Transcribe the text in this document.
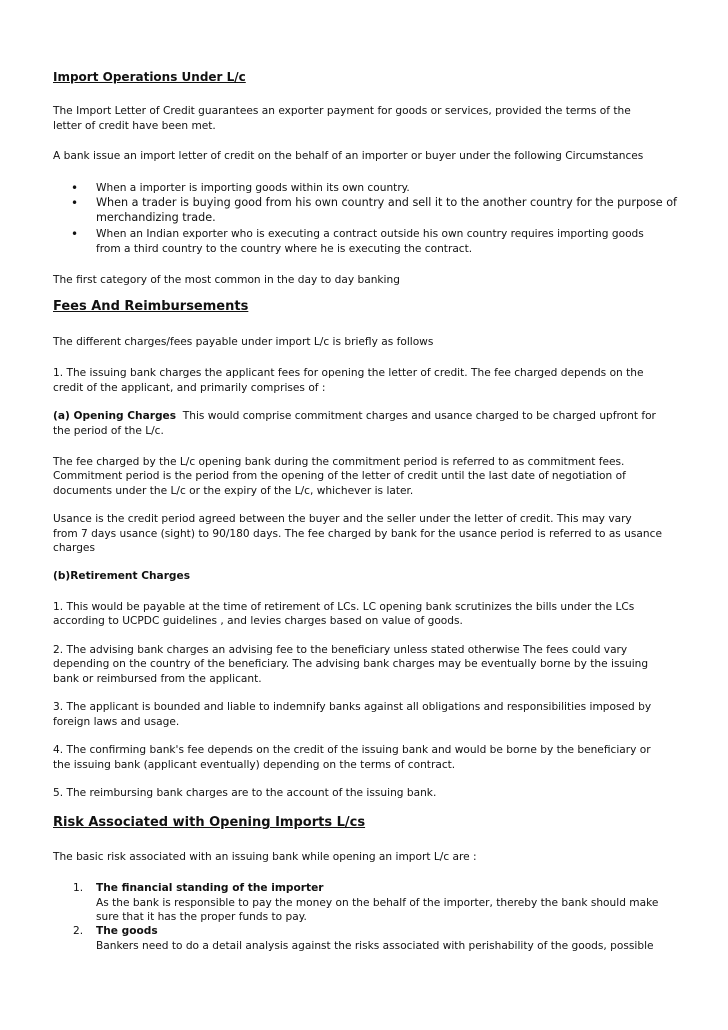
Import Operations Under L/c
The Import Letter of Credit guarantees an exporter payment for goods or services, provided the terms of the
letter of credit have been met.
A bank issue an import letter of credit on the behalf of an importer or buyer under the following Circumstances
• When a importer is importing goods within its own country.
• When a trader is buying good from his own country and sell it to the another country for the purpose of
merchandizing trade.
• When an Indian exporter who is executing a contract outside his own country requires importing goods
from a third country to the country where he is executing the contract.
The first category of the most common in the day to day banking
Fees And Reimbursements
The different charges/fees payable under import L/c is briefly as follows
1. The issuing bank charges the applicant fees for opening the letter of credit. The fee charged depends on the
credit of the applicant, and primarily comprises of :
(a) Opening Charges This would comprise commitment charges and usance charged to be charged upfront for
the period of the L/c.
The fee charged by the L/c opening bank during the commitment period is referred to as commitment fees.
Commitment period is the period from the opening of the letter of credit until the last date of negotiation of
documents under the L/c or the expiry of the L/c, whichever is later.
Usance is the credit period agreed between the buyer and the seller under the letter of credit. This may vary
from 7 days usance (sight) to 90/180 days. The fee charged by bank for the usance period is referred to as usance
charges
(b)Retirement Charges
1. This would be payable at the time of retirement of LCs. LC opening bank scrutinizes the bills under the LCs
according to UCPDC guidelines , and levies charges based on value of goods.
2. The advising bank charges an advising fee to the beneficiary unless stated otherwise The fees could vary
depending on the country of the beneficiary. The advising bank charges may be eventually borne by the issuing
bank or reimbursed from the applicant.
3. The applicant is bounded and liable to indemnify banks against all obligations and responsibilities imposed by
foreign laws and usage.
4. The confirming bank's fee depends on the credit of the issuing bank and would be borne by the beneficiary or
the issuing bank (applicant eventually) depending on the terms of contract.
5. The reimbursing bank charges are to the account of the issuing bank.
Risk Associated with Opening Imports L/cs
The basic risk associated with an issuing bank while opening an import L/c are :
1. The financial standing of the importer
As the bank is responsible to pay the money on the behalf of the importer, thereby the bank should make
sure that it has the proper funds to pay.
2. The goods
Bankers need to do a detail analysis against the risks associated with perishability of the goods, possible
